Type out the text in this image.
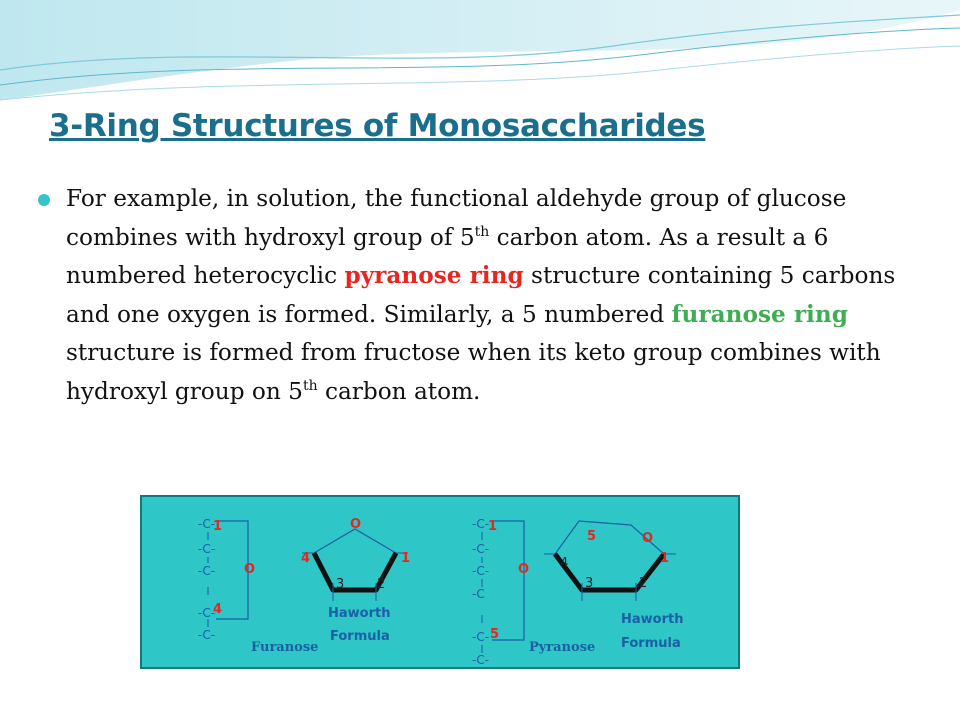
3-Ring Structures of Monosaccharides
For example, in solution, the functional aldehyde group of glucose combines with hydroxyl group of 5th carbon atom. As a result a 6 numbered heterocyclic pyranose ring structure containing 5 carbons and one oxygen is formed. Similarly, a 5 numbered furanose ring structure is formed from fructose when its keto group combines with hydroxyl group on 5th carbon atom.
-C-
-C-
-C-
-C-
-C-
1
4
O
O
4	1
3	2
Haworth
Formula
Furanose
-C-
-C-
-C-
-C
-C-
-C-
1
5
O
5	O
1
4
3	2
Haworth
Formula
Pyranose
